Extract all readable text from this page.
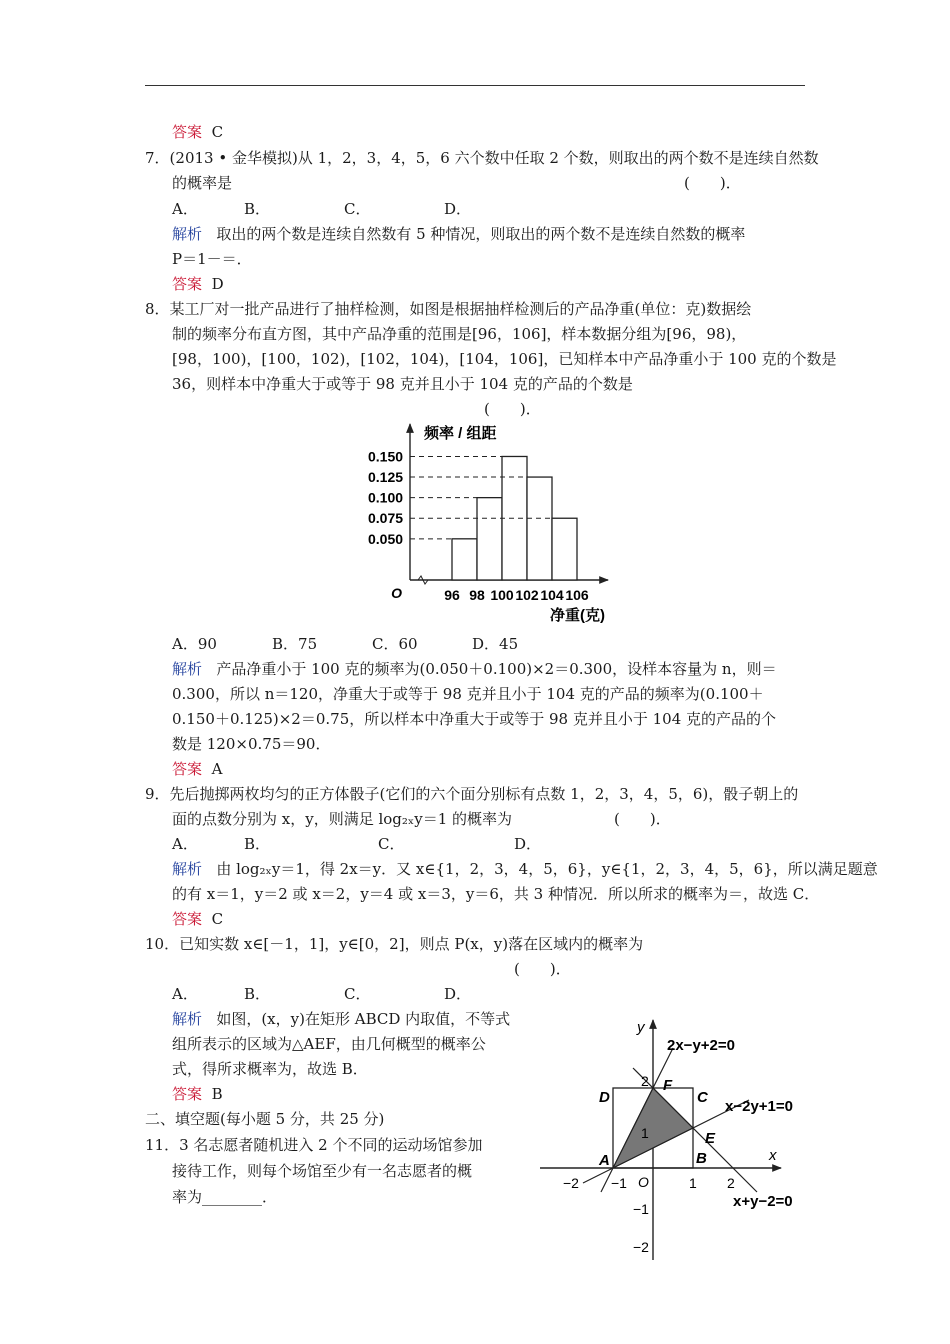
答案 C
7．(2013 • 金华模拟)从 1，2，3，4，5，6 六个数中任取 2 个数，则取出的两个数不是连续自然数
的概率是	(　　)．
A．	B．	C．	D．
解析 取出的两个数是连续自然数有 5 种情况，则取出的两个数不是连续自然数的概率
P＝1－＝．
答案 D
8．某工厂对一批产品进行了抽样检测，如图是根据抽样检测后的产品净重(单位：克)数据绘
制的频率分布直方图，其中产品净重的范围是[96，106]，样本数据分组为[96，98)，
[98，100)，[100，102)，[102，104)，[104，106]，已知样本中产品净重小于 100 克的个数是
36，则样本中净重大于或等于 98 克并且小于 104 克的产品的个数是
(　　)．
0.150
0.125
0.100
0.075
0.050
96 98 100 102 104 106
O
频率 / 组距
净重(克)
A．90	B．75	C．60	D．45
解析 产品净重小于 100 克的频率为(0.050＋0.100)×2＝0.300，设样本容量为 n，则＝
0.300，所以 n＝120，净重大于或等于 98 克并且小于 104 克的产品的频率为(0.100＋
0.150＋0.125)×2＝0.75，所以样本中净重大于或等于 98 克并且小于 104 克的产品的个
数是 120×0.75＝90．
答案 A
9．先后抛掷两枚均匀的正方体骰子(它们的六个面分别标有点数 1，2，3，4，5，6)，骰子朝上的
面的点数分别为 x，y，则满足 log₂ₓy＝1 的概率为	(　　)．
A．	B．	C．	D．
解析 由 log₂ₓy＝1，得 2x＝y．又 x∈{1，2，3，4，5，6}，y∈{1，2，3，4，5，6}，所以满足题意
的有 x＝1，y＝2 或 x＝2，y＝4 或 x＝3，y＝6，共 3 种情况．所以所求的概率为＝，故选 C．
答案 C
10．已知实数 x∈[－1，1]，y∈[0，2]，则点 P(x，y)落在区域内的概率为
(　　)．
A．	B．	C．	D．
解析 如图，(x，y)在矩形 ABCD 内取值，不等式
组所表示的区域为△AEF，由几何概型的概率公
式，得所求概率为，故选 B．
答案 B
二、填空题(每小题 5 分，共 25 分)
11．3 名志愿者随机进入 2 个不同的运动场馆参加
接待工作，则每个场馆至少有一名志愿者的概
率为________．
y
x
O
2x−y+2=0
x−2y+1=0
x+y−2=0
A	B
C
D
E
F
−2 −1	1 2
2
1
−1
−2
